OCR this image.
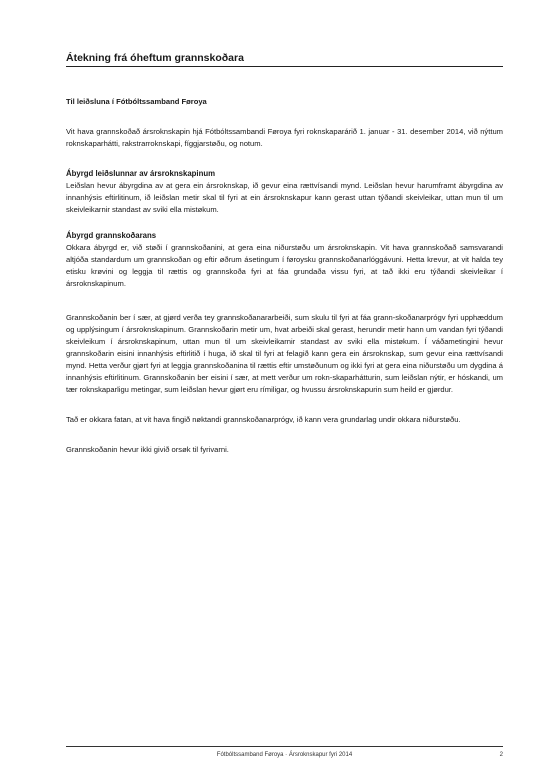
Átekning frá óheftum grannskoðara

Til leiðsluna í Fótbóltssamband Føroya

Vit hava grannskoðað ársroknskapin hjá Fótbóltssambandi Føroya fyri roknskaparárið 1. januar - 31. desember 2014, við nýttum roknskaparhátti, rakstrarroknskapi, fíggjarstøðu, og notum.

Ábyrgd leiðslunnar av ársroknskapinum

Leiðslan hevur ábyrgdina av at gera ein ársroknskap, ið gevur eina rættvísandi mynd. Leiðslan hevur harumframt ábyrgdina av innanhýsis eftirlitinum, ið leiðslan metir skal til fyri at ein ársroknskapur kann gerast uttan týðandi skeivleikar, uttan mun til um skeivleikarnir standast av sviki ella mistøkum.

Ábyrgd grannskoðarans

Okkara ábyrgd er, við støði í grannskoðanini, at gera eina niðurstøðu um ársroknskapin. Vit hava grannskoðað samsvarandi altjóða standardum um grannskoðan og eftir øðrum ásetingum í føroysku grannskoðanarlóggávuni. Hetta krevur, at vit halda tey etisku krøvini og leggja til rættis og grannskoða fyri at fáa grundaða vissu fyri, at tað ikki eru týðandi skeivleikar í ársroknskapinum.

Grannskoðanin ber í sær, at gjørd verða tey grannskoðanararbeiði, sum skulu til fyri at fáa grann-skoðanarprógv fyri upphæddum og upplýsingum í ársroknskapinum. Grannskoðarin metir um, hvat arbeiði skal gerast, herundir metir hann um vandan fyri týðandi skeivleikum í ársroknskapinum, uttan mun til um skeivleikarnir standast av sviki ella mistøkum. Í váðametingini hevur grannskoðarin eisini innanhýsis eftirlitið í huga, ið skal til fyri at felagið kann gera ein ársroknskap, sum gevur eina rættvísandi mynd. Hetta verður gjørt fyri at leggja grannskoðanina til rættis eftir umstøðunum og ikki fyri at gera eina niðurstøðu um dygdina á innanhýsis eftirlitinum. Grannskoðanin ber eisini í sær, at mett verður um rokn-skaparhátturin, sum leiðslan nýtir, er hóskandi, um tær roknskaparligu metingar, sum leiðslan hevur gjørt eru rímiligar, og hvussu ársroknskapurin sum heild er gjørdur.

Tað er okkara fatan, at vit hava fingið nøktandi grannskoðanarprógv, ið kann vera grundarlag undir okkara niðurstøðu.

Grannskoðanin hevur ikki givið orsøk til fyrivarni.

Fótbóltssamband Føroya · Ársroknskapur fyri 2014	2
